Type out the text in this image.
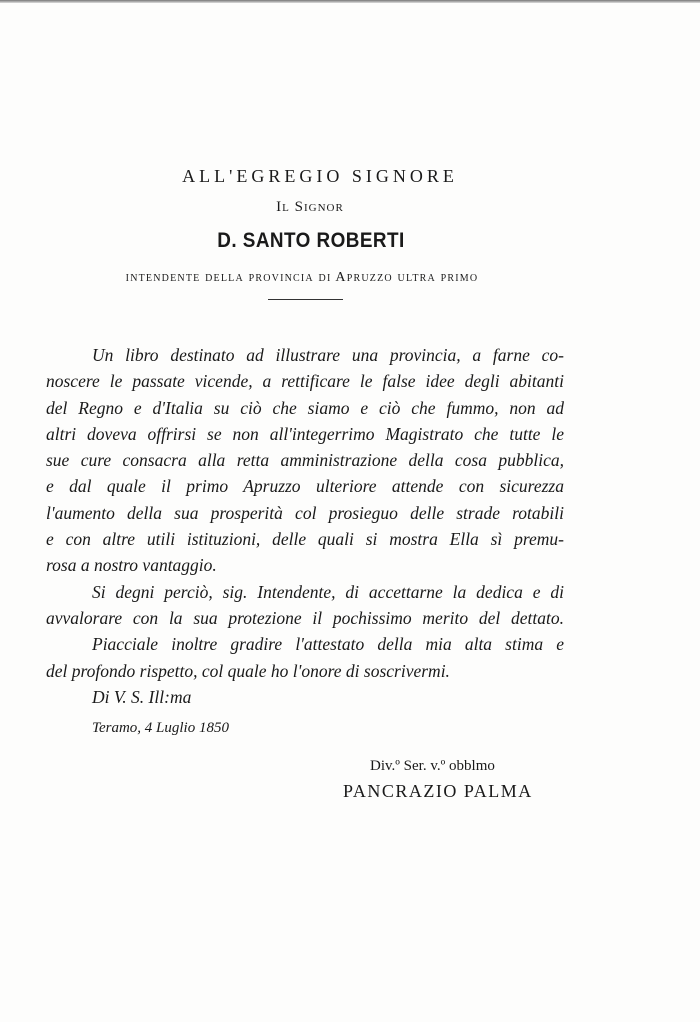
ALL'EGREGIO SIGNORE
Il Signor
D. SANTO ROBERTI
intendente della provincia di Apruzzo ultra primo
Un libro destinato ad illustrare una provincia, a farne co-
noscere le passate vicende, a rettificare le false idee degli abitanti
del Regno e d'Italia su ciò che siamo e ciò che fummo, non ad
altri doveva offrirsi se non all'integerrimo Magistrato che tutte le
sue cure consacra alla retta amministrazione della cosa pubblica,
e dal quale il primo Apruzzo ulteriore attende con sicurezza
l'aumento della sua prosperità col prosieguo delle strade rotabili
e con altre utili istituzioni, delle quali si mostra Ella sì premu-
rosa a nostro vantaggio.
Si degni perciò, sig. Intendente, di accettarne la dedica e di
avvalorare con la sua protezione il pochissimo merito del dettato.
Piacciale inoltre gradire l'attestato della mia alta stima e
del profondo rispetto, col quale ho l'onore di soscrivermi.
Di V. S. Ill:ma
Teramo, 4 Luglio 1850
Div.º Ser. v.º obblmo
PANCRAZIO PALMA
